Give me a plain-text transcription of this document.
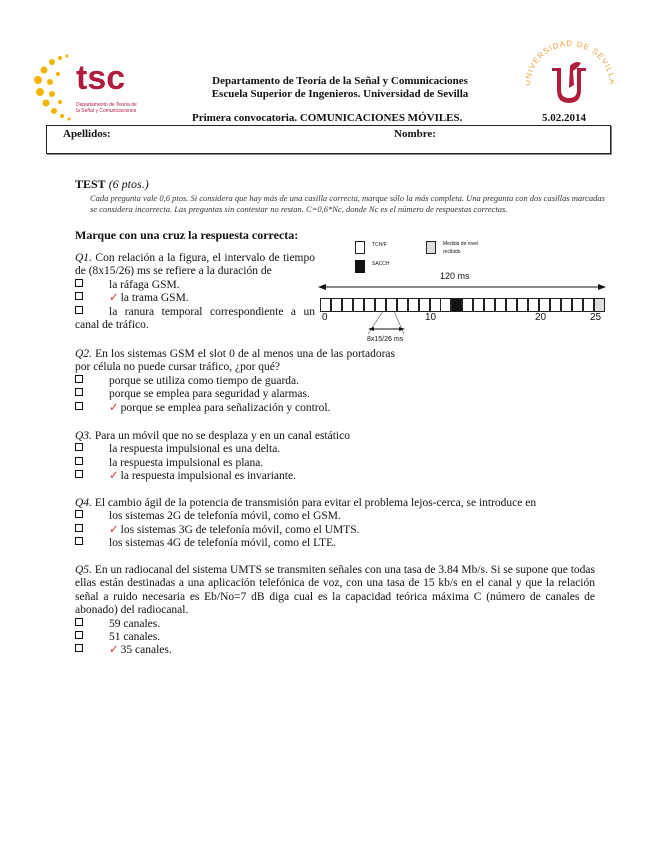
tsc
Departamento de Teoría de la Señal y Comunicaciones
IVERSIDAD DE SEVIL
Departamento de Teoría de la Señal y Comunicaciones
Escuela Superior de Ingenieros. Universidad de Sevilla
Primera convocatoria. COMUNICACIONES MÓVILES.	5.02.2014
Apellidos:	Nombre:
TEST (6 ptos.)
Cada pregunta vale 0,6 ptos. Si considera que hay más de una casilla correcta, marque sólo la más completa. Una pregunta con dos casillas marcadas se considera incorrecta. Las preguntas sin contestar no restan. C=0,6*Nc, donde Nc es el número de respuestas correctas.
Marque con una cruz la respuesta correcta:
TCH/F
SACCH
Medida de nivel recibido
120 ms
0	10	20	25
8x15/26 ms
Q1. Con relación a la figura, el intervalo de tiempo de (8x15/26) ms se refiere a la duración de
la ráfaga GSM.
✓ la trama GSM.
la ranura temporal correspondiente a un canal de tráfico.
Q2. En los sistemas GSM el slot 0 de al menos una de las portadoras por célula no puede cursar tráfico, ¿por qué?
porque se utiliza como tiempo de guarda.
porque se emplea para seguridad y alarmas.
✓ porque se emplea para señalización y control.
Q3. Para un móvil que no se desplaza y en un canal estático
la respuesta impulsional es una delta.
la respuesta impulsional es plana.
✓ la respuesta impulsional es invariante.
Q4. El cambio ágil de la potencia de transmisión para evitar el problema lejos-cerca, se introduce en
los sistemas 2G de telefonía móvil, como el GSM.
✓ los sistemas 3G de telefonía móvil, como el UMTS.
los sistemas 4G de telefonía móvil, como el LTE.
Q5. En un radiocanal del sistema UMTS se transmiten señales con una tasa de 3.84 Mb/s. Si se supone que todas ellas están destinadas a una aplicación telefónica de voz, con una tasa de 15 kb/s en el canal y que la relación señal a ruido necesaria es Eb/No=7 dB diga cual es la capacidad teórica máxima C (número de canales de abonado) del radiocanal.
59 canales.
51 canales.
✓ 35 canales.
